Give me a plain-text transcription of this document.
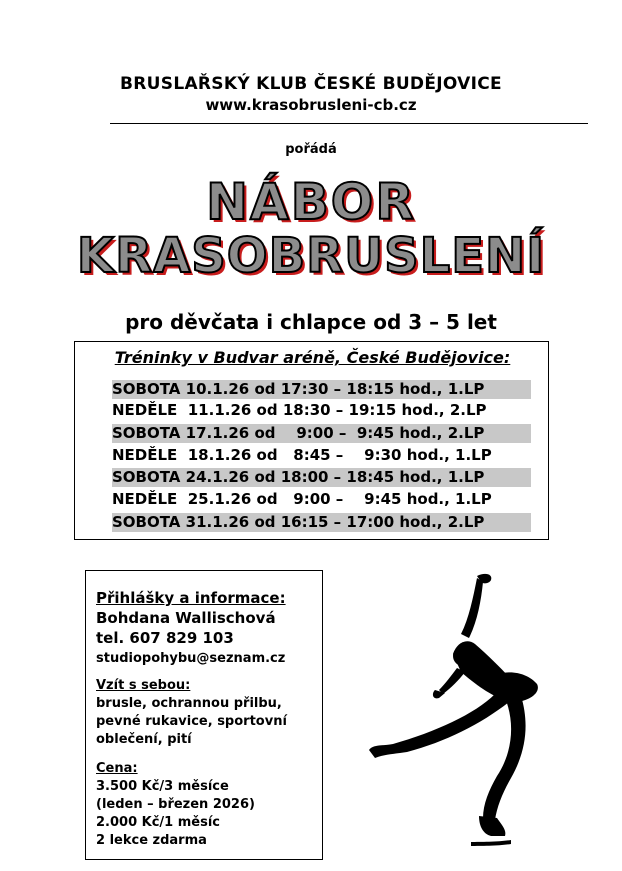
BRUSLAŘSKÝ KLUB ČESKÉ BUDĚJOVICE
www.krasobrusleni-cb.cz
pořádá
NÁBOR
KRASOBRUSLENÍ
pro děvčata i chlapce od 3 – 5 let
Tréninky v Budvar aréně, České Budějovice:
SOBOTA 10.1.26 od 17:30 – 18:15 hod., 1.LP
NEDĚLE  11.1.26 od 18:30 – 19:15 hod., 2.LP
SOBOTA 17.1.26 od    9:00 –  9:45 hod., 2.LP
NEDĚLE  18.1.26 od   8:45 –    9:30 hod., 1.LP
SOBOTA 24.1.26 od 18:00 – 18:45 hod., 1.LP
NEDĚLE  25.1.26 od   9:00 –    9:45 hod., 1.LP
SOBOTA 31.1.26 od 16:15 – 17:00 hod., 2.LP
Přihlášky a informace:
Bohdana Wallischová
tel. 607 829 103
studiopohybu@seznam.cz
Vzít s sebou:
brusle, ochrannou přilbu,
pevné rukavice, sportovní
oblečení, pití
Cena:
3.500 Kč/3 měsíce
(leden – březen 2026)
2.000 Kč/1 měsíc
2 lekce zdarma
